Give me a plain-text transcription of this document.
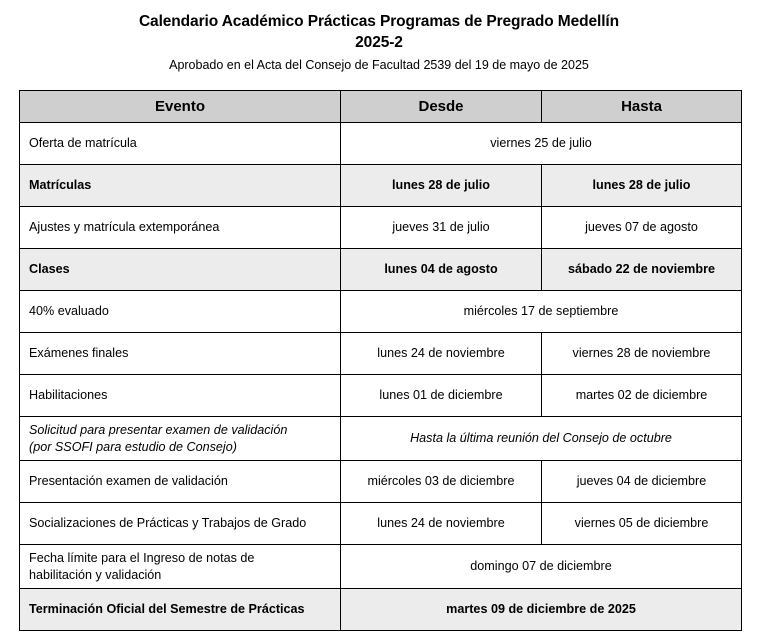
Calendario Académico Prácticas Programas de Pregrado Medellín
2025-2
Aprobado en el Acta del Consejo de Facultad 2539 del 19 de mayo de 2025
Evento	Desde	Hasta
Oferta de matrícula	viernes 25 de julio	
Matrículas	lunes 28 de julio	lunes 28 de julio
Ajustes y matrícula extemporánea	jueves 31 de julio	jueves 07 de agosto
Clases	lunes 04 de agosto	sábado 22 de noviembre
40% evaluado	miércoles 17 de septiembre	
Exámenes finales	lunes 24 de noviembre	viernes 28 de noviembre
Habilitaciones	lunes 01 de diciembre	martes 02 de diciembre

Solicitud para presentar examen de validación
(por SSOFI para estudio de Consejo)	Hasta la última reunión del Consejo de octubre	
Presentación examen de validación	miércoles 03 de diciembre	jueves 04 de diciembre
Socializaciones de Prácticas y Trabajos de Grado	lunes 24 de noviembre	viernes 05 de diciembre

Fecha límite para el Ingreso de notas de
habilitación y validación	domingo 07 de diciembre	
Terminación Oficial del Semestre de Prácticas	martes 09 de diciembre de 2025	
